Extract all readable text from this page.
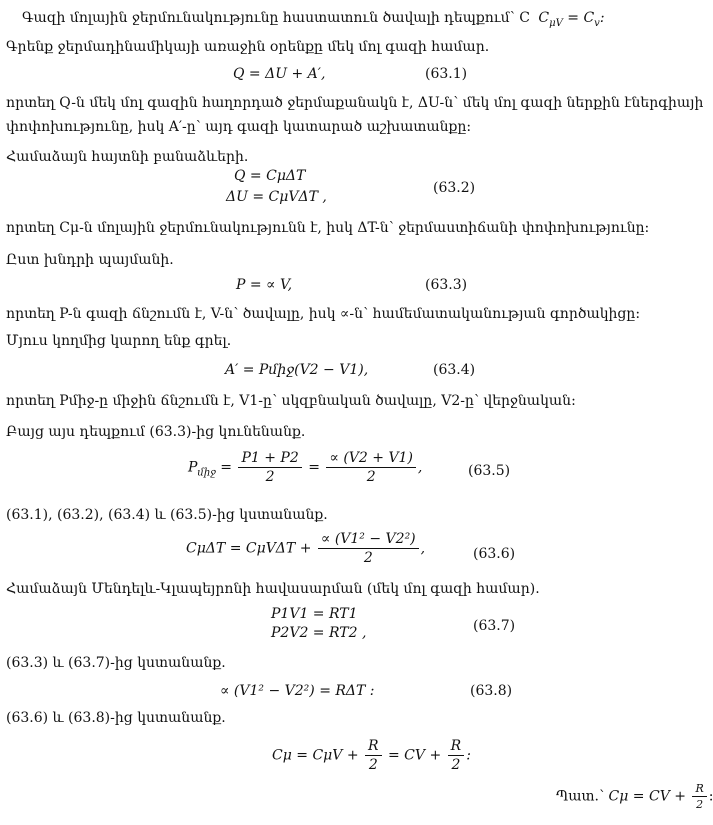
Գազի մոլային ջերմունակությունը հաստատուն ծավալի դեպքում՝ C $C_{\mu V} = C_v$:
Գրենք ջերմադինամիկայի առաջին օրենքը մեկ մոլ գազի համար.
Q = ΔU + A′,	(63.1)
որտեղ Q-ն մեկ մոլ գազին հաղորդած ջերմաքանակն է, ΔU-ն՝ մեկ մոլ գազի ներքին էներգիայի
փոփոխությունը, իսկ A′-ը՝ այդ գազի կատարած աշխատանքը:
Համաձայն հայտնի բանաձևերի.
Q = CμΔT
ΔU = CμVΔT ,
(63.2)
որտեղ Cμ-ն մոլային ջերմունակությունն է, իսկ ΔT-ն՝ ջերմաստիճանի փոփոխությունը:
Ըստ խնդրի պայմանի.
P = ∝ V,	(63.3)
որտեղ P-ն գազի ճնշումն է, V-ն՝ ծավալը, իսկ ∝-ն՝ համեմատականության գործակիցը:
Մյուս կողմից կարող ենք գրել.
A′ = Pմիջ(V2 − V1),	(63.4)
որտեղ Pմիջ-ը միջին ճնշումն է, V1-ը՝ սկզբնական ծավալը, V2-ը՝ վերջնական:
Բայց այս դեպքում (63.3)-ից կունենանք.
$P_{միջ} = \frac{P1 + P2}{2} = \frac{\propto (V2 + V1)}{2}$ ,	(63.5)
(63.1), (63.2), (63.4) և (63.5)-ից կստանանք.
$C\mu\Delta T = C\mu V\Delta T + \frac{\text{∝ (V1² − V2²)}}{2}$ ,	(63.6)
Համաձայն Մենդելև-Կլապեյրոնի հավասարման (մեկ մոլ գազի համար).
P1V1 = RT1
P2V2 = RT2 ,	(63.7)
(63.3) և (63.7)-ից կստանանք.
∝ (V1² − V2²) = RΔT :	(63.8)
(63.6) և (63.8)-ից կստանանք.
$C\mu = C\mu V + \frac{R}{2}$ = CV + $\frac{R}{2}$ :
Պատ.՝ Cμ = CV + $\frac{R}{2}$ :
